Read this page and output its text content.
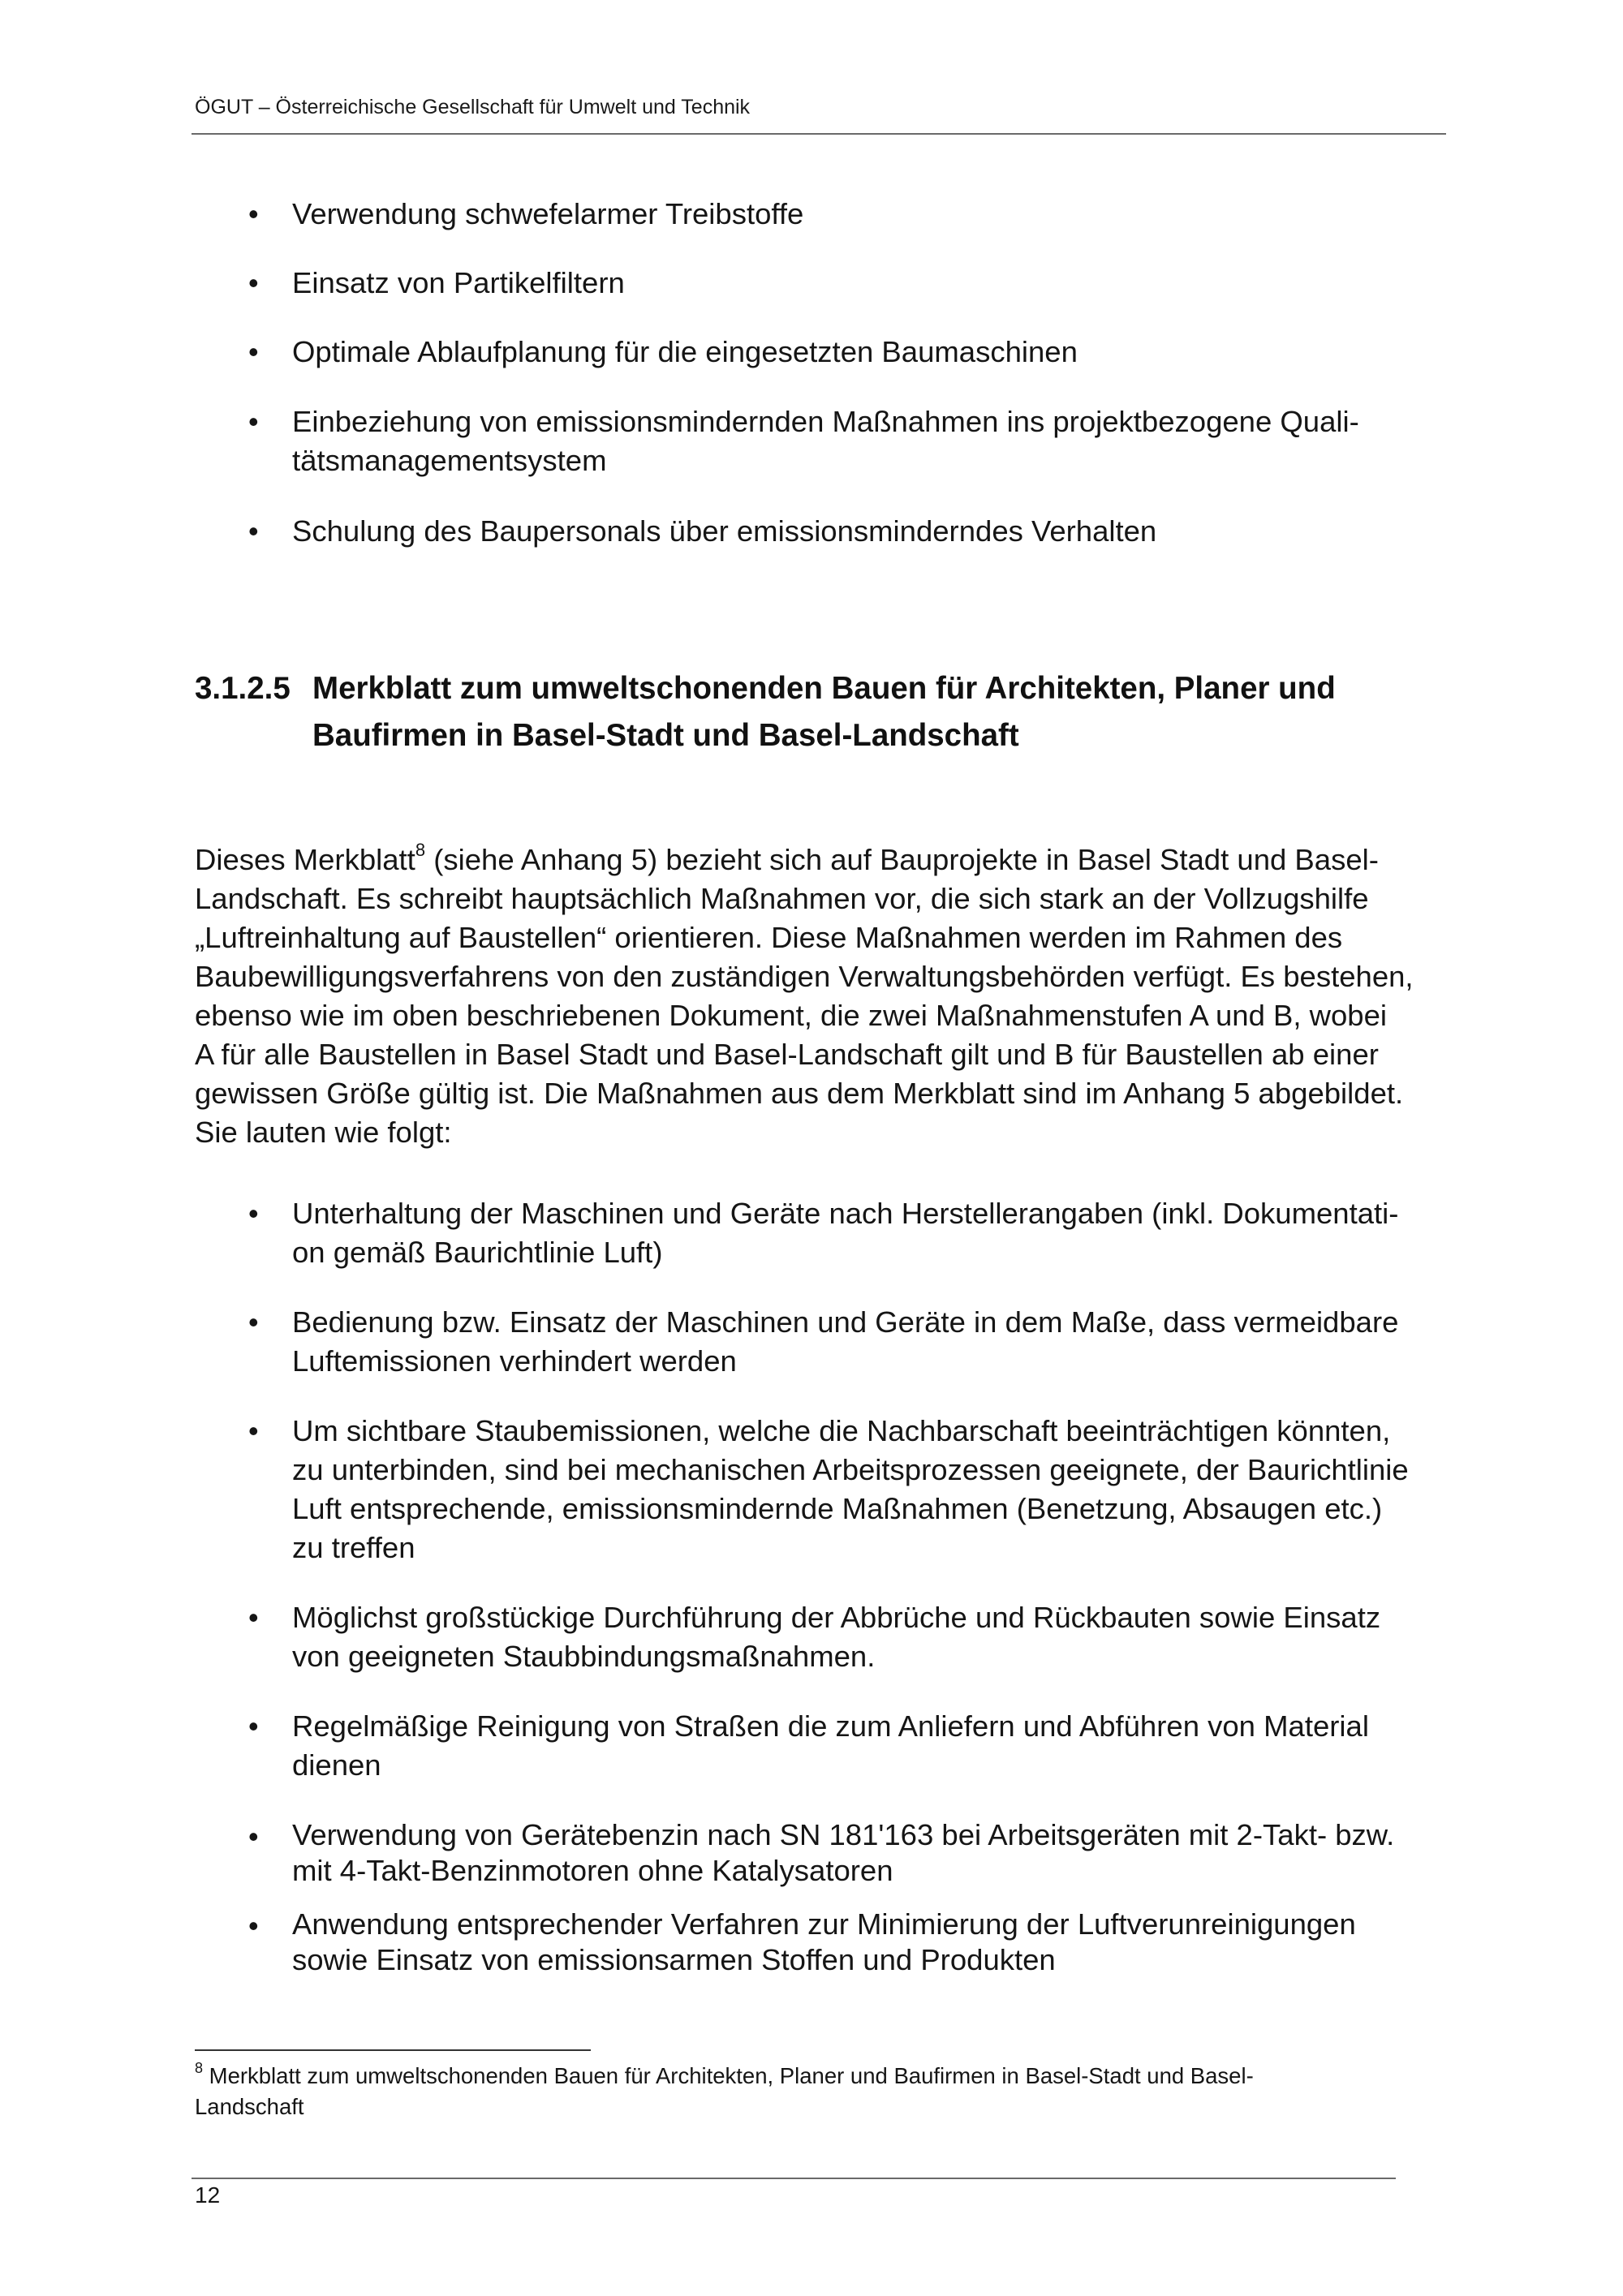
ÖGUT – Österreichische Gesellschaft für Umwelt und Technik
•	Verwendung schwefelarmer Treibstoffe
•	Einsatz von Partikelfiltern
•	Optimale Ablaufplanung für die eingesetzten Baumaschinen
•	Einbeziehung von emissionsmindernden Maßnahmen ins projektbezogene Quali-
tätsmanagementsystem
•	Schulung des Baupersonals über emissionsminderndes Verhalten
3.1.2.5 Merkblatt zum umweltschonenden Bauen für Architekten, Planer und
Baufirmen in Basel-Stadt und Basel-Landschaft
Dieses Merkblatt$^8$ (siehe Anhang 5) bezieht sich auf Bauprojekte in Basel Stadt und Basel-
Landschaft. Es schreibt hauptsächlich Maßnahmen vor, die sich stark an der Vollzugshilfe
„Luftreinhaltung auf Baustellen“ orientieren. Diese Maßnahmen werden im Rahmen des
Baubewilligungsverfahrens von den zuständigen Verwaltungsbehörden verfügt. Es bestehen,
ebenso wie im oben beschriebenen Dokument, die zwei Maßnahmenstufen A und B, wobei
A für alle Baustellen in Basel Stadt und Basel-Landschaft gilt und B für Baustellen ab einer
gewissen Größe gültig ist. Die Maßnahmen aus dem Merkblatt sind im Anhang 5 abgebildet.
Sie lauten wie folgt:
•	Unterhaltung der Maschinen und Geräte nach Herstellerangaben (inkl. Dokumentati-
on gemäß Baurichtlinie Luft)
•	Bedienung bzw. Einsatz der Maschinen und Geräte in dem Maße, dass vermeidbare
Luftemissionen verhindert werden
•	Um sichtbare Staubemissionen, welche die Nachbarschaft beeinträchtigen könnten,
zu unterbinden, sind bei mechanischen Arbeitsprozessen geeignete, der Baurichtlinie
Luft entsprechende, emissionsmindernde Maßnahmen (Benetzung, Absaugen etc.)
zu treffen
•	Möglichst großstückige Durchführung der Abbrüche und Rückbauten sowie Einsatz
von geeigneten Staubbindungsmaßnahmen.
•	Regelmäßige Reinigung von Straßen die zum Anliefern und Abführen von Material
dienen
•	Verwendung von Gerätebenzin nach SN 181'163 bei Arbeitsgeräten mit 2-Takt- bzw.
mit 4-Takt-Benzinmotoren ohne Katalysatoren
•	Anwendung entsprechender Verfahren zur Minimierung der Luftverunreinigungen
sowie Einsatz von emissionsarmen Stoffen und Produkten
$^8$ Merkblatt zum umweltschonenden Bauen für Architekten, Planer und Baufirmen in Basel-Stadt und Basel-
Landschaft
12
